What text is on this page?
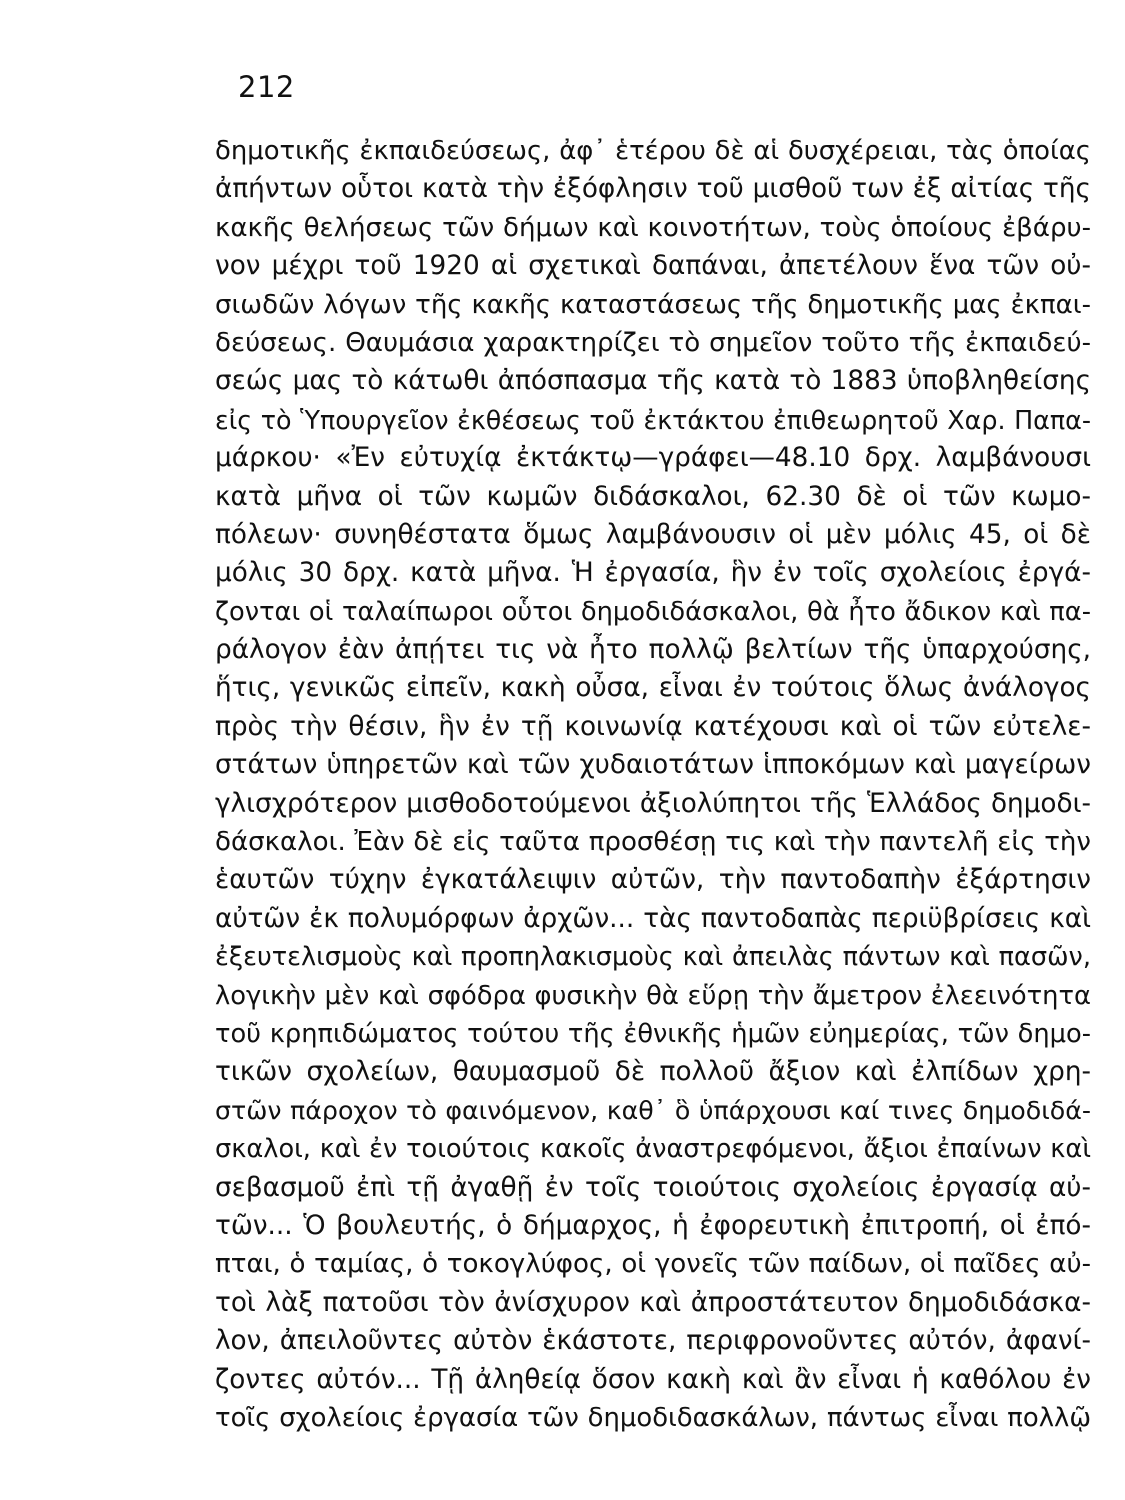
212
δημοτικῆς ἐκπαιδεύσεως, ἀφ᾽ ἑτέρου δὲ αἱ δυσχέρειαι, τὰς ὁποίας
ἀπήντων οὗτοι κατὰ τὴν ἐξόφλησιν τοῦ μισθοῦ των ἐξ αἰτίας τῆς
κακῆς θελήσεως τῶν δήμων καὶ κοινοτήτων, τοὺς ὁποίους ἐβάρυ-
νον μέχρι τοῦ 1920 αἱ σχετικαὶ δαπάναι, ἀπετέλουν ἕνα τῶν οὐ-
σιωδῶν λόγων τῆς κακῆς καταστάσεως τῆς δημοτικῆς μας ἐκπαι-
δεύσεως. Θαυμάσια χαρακτηρίζει τὸ σημεῖον τοῦτο τῆς ἐκπαιδεύ-
σεώς μας τὸ κάτωθι ἀπόσπασμα τῆς κατὰ τὸ 1883 ὑποβληθείσης
εἰς τὸ Ὑπουργεῖον ἐκθέσεως τοῦ ἐκτάκτου ἐπιθεωρητοῦ Χαρ. Παπα-
μάρκου· «Ἐν εὐτυχίᾳ ἐκτάκτῳ—γράφει—48.10 δρχ. λαμβάνουσι
κατὰ μῆνα οἱ τῶν κωμῶν διδάσκαλοι, 62.30 δὲ οἱ τῶν κωμο-
πόλεων· συνηθέστατα ὅμως λαμβάνουσιν οἱ μὲν μόλις 45, οἱ δὲ
μόλις 30 δρχ. κατὰ μῆνα. Ἡ ἐργασία, ἣν ἐν τοῖς σχολείοις ἐργά-
ζονται οἱ ταλαίπωροι οὗτοι δημοδιδάσκαλοι, θὰ ἦτο ἄδικον καὶ πα-
ράλογον ἐὰν ἀπῄτει τις νὰ ἦτο πολλῷ βελτίων τῆς ὑπαρχούσης,
ἥτις, γενικῶς εἰπεῖν, κακὴ οὖσα, εἶναι ἐν τούτοις ὅλως ἀνάλογος
πρὸς τὴν θέσιν, ἣν ἐν τῇ κοινωνίᾳ κατέχουσι καὶ οἱ τῶν εὐτελε-
στάτων ὑπηρετῶν καὶ τῶν χυδαιοτάτων ἱπποκόμων καὶ μαγείρων
γλισχρότερον μισθοδοτούμενοι ἀξιολύπητοι τῆς Ἑλλάδος δημοδι-
δάσκαλοι. Ἐὰν δὲ εἰς ταῦτα προσθέσῃ τις καὶ τὴν παντελῆ εἰς τὴν
ἑαυτῶν τύχην ἐγκατάλειψιν αὐτῶν, τὴν παντοδαπὴν ἐξάρτησιν
αὐτῶν ἐκ πολυμόρφων ἀρχῶν... τὰς παντοδαπὰς περιϋβρίσεις καὶ
ἐξευτελισμοὺς καὶ προπηλακισμοὺς καὶ ἀπειλὰς πάντων καὶ πασῶν,
λογικὴν μὲν καὶ σφόδρα φυσικὴν θὰ εὕρῃ τὴν ἄμετρον ἐλεεινότητα
τοῦ κρηπιδώματος τούτου τῆς ἐθνικῆς ἡμῶν εὐημερίας, τῶν δημο-
τικῶν σχολείων, θαυμασμοῦ δὲ πολλοῦ ἄξιον καὶ ἐλπίδων χρη-
στῶν πάροχον τὸ φαινόμενον, καθ᾽ ὃ ὑπάρχουσι καί τινες δημοδιδά-
σκαλοι, καὶ ἐν τοιούτοις κακοῖς ἀναστρεφόμενοι, ἄξιοι ἐπαίνων καὶ
σεβασμοῦ ἐπὶ τῇ ἀγαθῇ ἐν τοῖς τοιούτοις σχολείοις ἐργασίᾳ αὐ-
τῶν... Ὁ βουλευτής, ὁ δήμαρχος, ἡ ἐφορευτικὴ ἐπιτροπή, οἱ ἐπό-
πται, ὁ ταμίας, ὁ τοκογλύφος, οἱ γονεῖς τῶν παίδων, οἱ παῖδες αὐ-
τοὶ λὰξ πατοῦσι τὸν ἀνίσχυρον καὶ ἀπροστάτευτον δημοδιδάσκα-
λον, ἀπειλοῦντες αὐτὸν ἑκάστοτε, περιφρονοῦντες αὐτόν, ἀφανί-
ζοντες αὐτόν... Τῇ ἀληθείᾳ ὅσον κακὴ καὶ ἂν εἶναι ἡ καθόλου ἐν
τοῖς σχολείοις ἐργασία τῶν δημοδιδασκάλων, πάντως εἶναι πολλῷ
